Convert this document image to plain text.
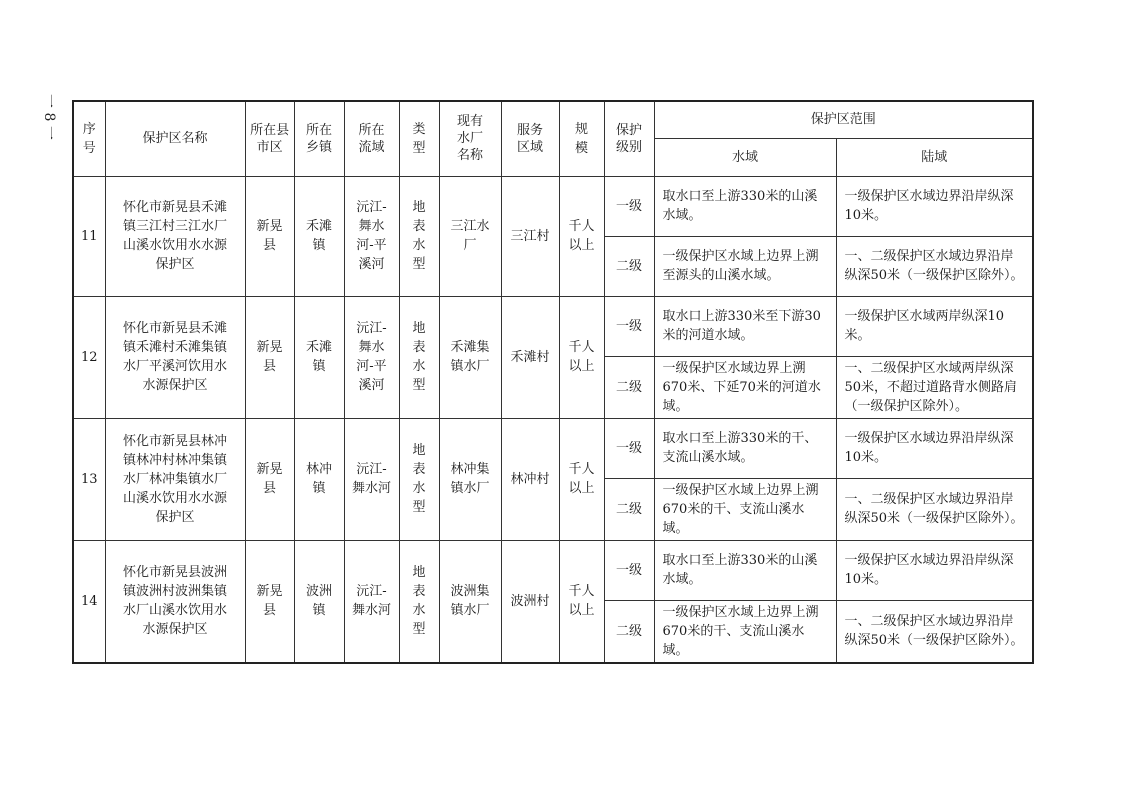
一
8
一 序号	保护区名称	所在县市区	所在乡镇	所在流域	类型	现有水厂名称	服务区域	规模	保护级别	保护区范围	
										水域	陆域
11	怀化市新晃县禾滩镇三江村三江水厂山溪水饮用水水源保护区	新晃县	禾滩镇	沅江-舞水河-平溪河	地表水型	三江水厂	三江村	千人以上	一级	取水口至上游330米的山溪水域。	一级保护区水域边界沿岸纵深10米。
									二级	一级保护区水域上边界上溯至源头的山溪水域。	一、二级保护区水域边界沿岸纵深50米（一级保护区除外）。
12	怀化市新晃县禾滩镇禾滩村禾滩集镇水厂平溪河饮用水水源保护区	新晃县	禾滩镇	沅江-舞水河-平溪河	地表水型	禾滩集镇水厂	禾滩村	千人以上	一级	取水口上游330米至下游30米的河道水域。	一级保护区水域两岸纵深10米。
									二级	一级保护区水域边界上溯670米、下延70米的河道水域。	一、二级保护区水域两岸纵深50米，不超过道路背水侧路肩（一级保护区除外）。
13	怀化市新晃县林冲镇林冲村林冲集镇水厂林冲集镇水厂山溪水饮用水水源保护区	新晃县	林冲镇	沅江-舞水河	地表水型	林冲集镇水厂	林冲村	千人以上	一级	取水口至上游330米的干、支流山溪水域。	一级保护区水域边界沿岸纵深10米。
									二级	一级保护区水域上边界上溯670米的干、支流山溪水域。	一、二级保护区水域边界沿岸纵深50米（一级保护区除外）。
14	怀化市新晃县波洲镇波洲村波洲集镇水厂山溪水饮用水水源保护区	新晃县	波洲镇	沅江-舞水河	地表水型	波洲集镇水厂	波洲村	千人以上	一级	取水口至上游330米的山溪水域。	一级保护区水域边界沿岸纵深10米。
									二级	一级保护区水域上边界上溯670米的干、支流山溪水域。	一、二级保护区水域边界沿岸纵深50米（一级保护区除外）。
